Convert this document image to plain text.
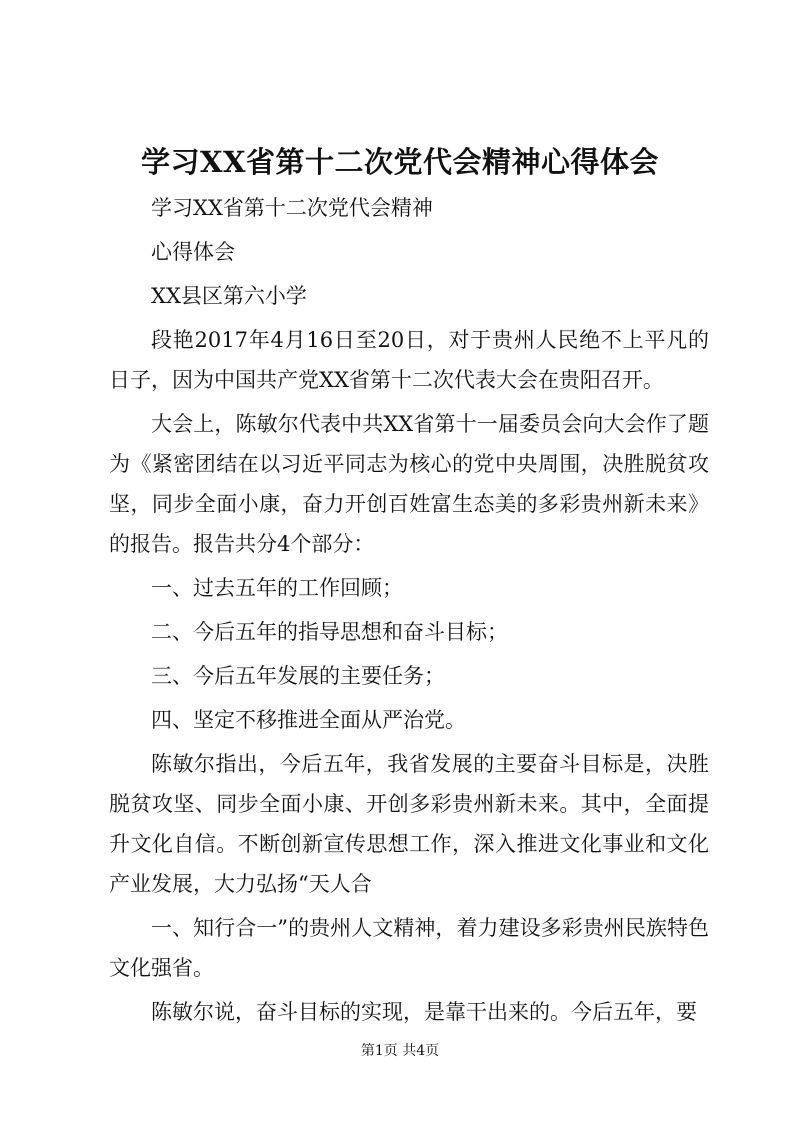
学习XX省第十二次党代会精神心得体会

学习XX省第十二次党代会精神

心得体会

XX县区第六小学

段艳2017年4月16日至20日，对于贵州人民绝不上平凡的日子，因为中国共产党XX省第十二次代表大会在贵阳召开。

大会上，陈敏尔代表中共XX省第十一届委员会向大会作了题为《紧密团结在以习近平同志为核心的党中央周围，决胜脱贫攻坚，同步全面小康，奋力开创百姓富生态美的多彩贵州新未来》的报告。报告共分4个部分：

一、过去五年的工作回顾；

二、今后五年的指导思想和奋斗目标；

三、今后五年发展的主要任务；

四、坚定不移推进全面从严治党。

陈敏尔指出，今后五年，我省发展的主要奋斗目标是，决胜脱贫攻坚、同步全面小康、开创多彩贵州新未来。其中，全面提升文化自信。不断创新宣传思想工作，深入推进文化事业和文化产业发展，大力弘扬“天人合

一、知行合一”的贵州人文精神，着力建设多彩贵州民族特色文化强省。

陈敏尔说，奋斗目标的实现，是靠干出来的。今后五年，要

第1页 共4页
